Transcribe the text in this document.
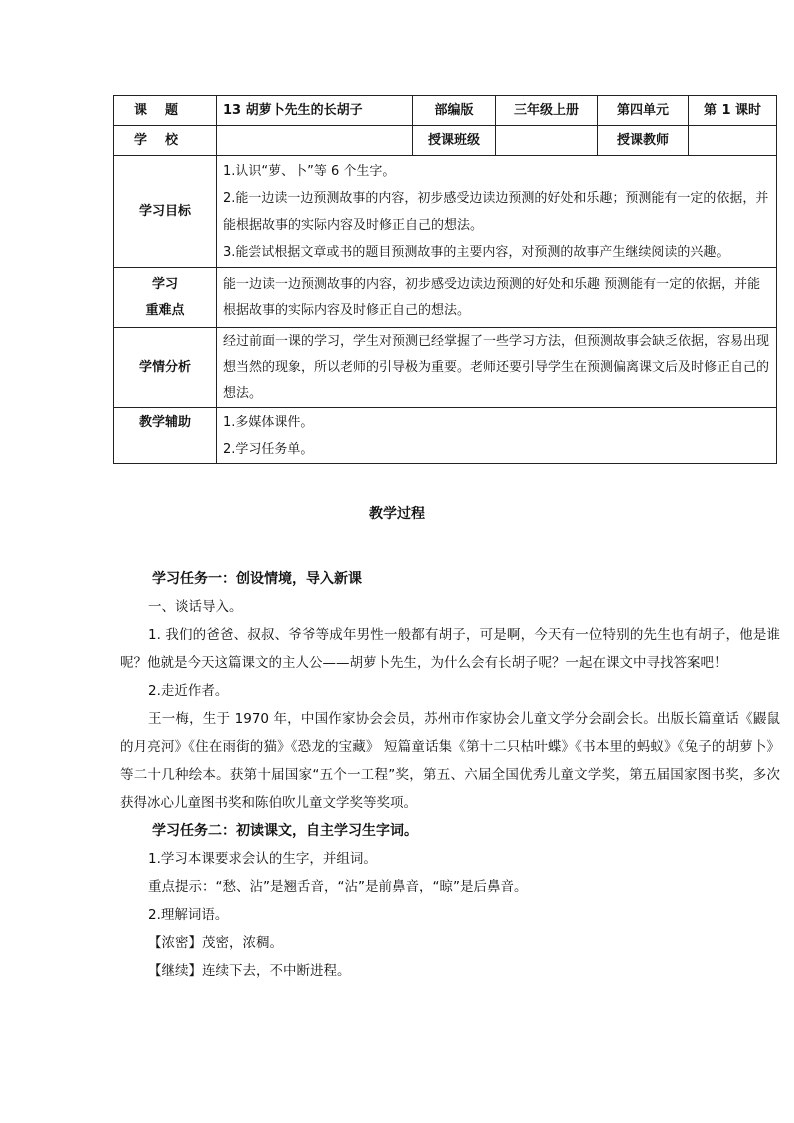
课题	13 胡萝卜先生的长胡子	部编版	三年级上册	第四单元	第 1 课时
学校		授课班级		授课教师	
学习目标	1.认识“萝、卜”等 6 个生字。
2.能一边读一边预测故事的内容，初步感受边读边预测的好处和乐趣；预测能有一定的依据，并能根据故事的实际内容及时修正自己的想法。
3.能尝试根据文章或书的题目预测故事的主要内容，对预测的故事产生继续阅读的兴趣。				

学习
重难点	能一边读一边预测故事的内容，初步感受边读边预测的好处和乐趣 预测能有一定的依据，并能根据故事的实际内容及时修正自己的想法。				
学情分析	经过前面一课的学习，学生对预测已经掌握了一些学习方法，但预测故事会缺乏依据，容易出现想当然的现象，所以老师的引导极为重要。老师还要引导学生在预测偏离课文后及时修正自己的想法。				
教学辅助	1.多媒体课件。
2.学习任务单。				
教学过程

学习任务一：创设情境，导入新课

一、谈话导入。

1. 我们的爸爸、叔叔、爷爷等成年男性一般都有胡子，可是啊，今天有一位特别的先生也有胡子，他是谁呢？他就是今天这篇课文的主人公——胡萝卜先生，为什么会有长胡子呢？一起在课文中寻找答案吧！

2.走近作者。

王一梅，生于 1970 年，中国作家协会会员，苏州市作家协会儿童文学分会副会长。出版长篇童话《鼹鼠的月亮河》《住在雨街的猫》《恐龙的宝藏》 短篇童话集《第十二只枯叶蝶》《书本里的蚂蚁》《兔子的胡萝卜》等二十几种绘本。获第十届国家“五个一工程”奖，第五、六届全国优秀儿童文学奖，第五届国家图书奖，多次获得冰心儿童图书奖和陈伯吹儿童文学奖等奖项。

学习任务二：初读课文，自主学习生字词。

1.学习本课要求会认的生字，并组词。

重点提示：“愁、沾”是翘舌音，“沾”是前鼻音，“晾”是后鼻音。

2.理解词语。

【浓密】茂密，浓稠。

【继续】连续下去，不中断进程。
